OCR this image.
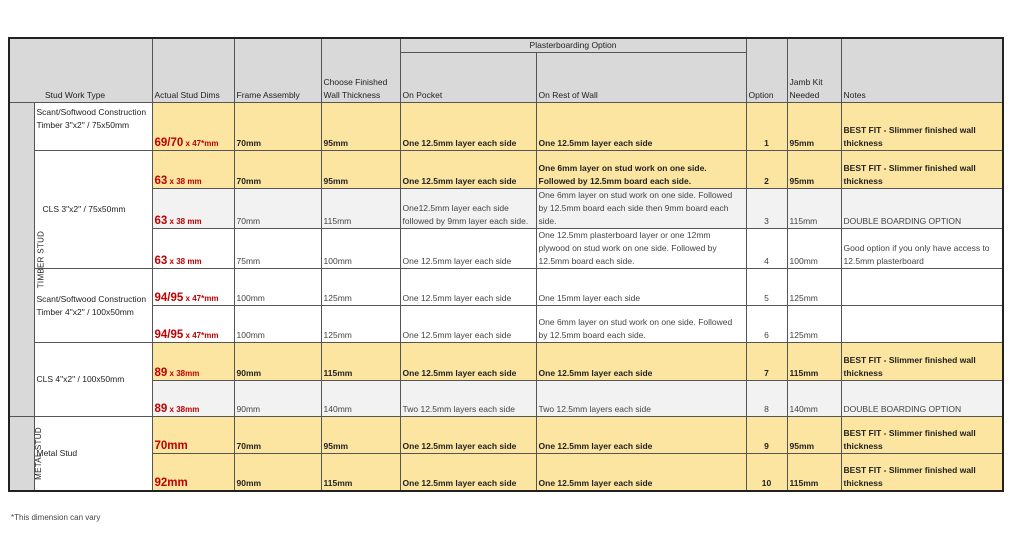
Stud Work Type		Actual Stud Dims	Frame Assembly	Choose Finished Wall Thickness	Plasterboarding Option		Option	Jamb Kit Needed	Notes
					On Pocket	On Rest of Wall			
TIMBER STUD	Scant/Softwood Construction Timber 3"x2" / 75x50mm	69/70 x 47*mm	70mm	95mm	One 12.5mm layer each side	One 12.5mm layer each side	1	95mm	BEST FIT - Slimmer finished wall thickness
	CLS 3"x2" / 75x50mm	63 x 38 mm	70mm	95mm	One 12.5mm layer each side	One 6mm layer on stud work on one side. Followed by 12.5mm board each side.	2	95mm	BEST FIT - Slimmer finished wall thickness
		63 x 38 mm	70mm	115mm	One12.5mm layer each side followed by 9mm layer each side.	One 6mm layer on stud work on one side. Followed by 12.5mm board each side then 9mm board each side.	3	115mm	DOUBLE BOARDING OPTION
		63 x 38 mm	75mm	100mm	One 12.5mm layer each side	One 12.5mm plasterboard layer or one 12mm plywood on stud work on one side. Followed by 12.5mm board each side.	4	100mm	Good option if you only have access to 12.5mm plasterboard
	Scant/Softwood Construction Timber 4"x2" / 100x50mm	94/95 x 47*mm	100mm	125mm	One 12.5mm layer each side	One 15mm layer each side	5	125mm	
		94/95 x 47*mm	100mm	125mm	One 12.5mm layer each side	One 6mm layer on stud work on one side. Followed by 12.5mm board each side.	6	125mm	
	CLS 4"x2" / 100x50mm	89 x 38mm	90mm	115mm	One 12.5mm layer each side	One 12.5mm layer each side	7	115mm	BEST FIT - Slimmer finished wall thickness
		89 x 38mm	90mm	140mm	Two 12.5mm layers each side	Two 12.5mm layers each side	8	140mm	DOUBLE BOARDING OPTION
METAL STUD	Metal Stud	70mm	70mm	95mm	One 12.5mm layer each side	One 12.5mm layer each side	9	95mm	BEST FIT - Slimmer finished wall thickness
		92mm	90mm	115mm	One 12.5mm layer each side	One 12.5mm layer each side	10	115mm	BEST FIT - Slimmer finished wall thickness
*This dimension can vary
